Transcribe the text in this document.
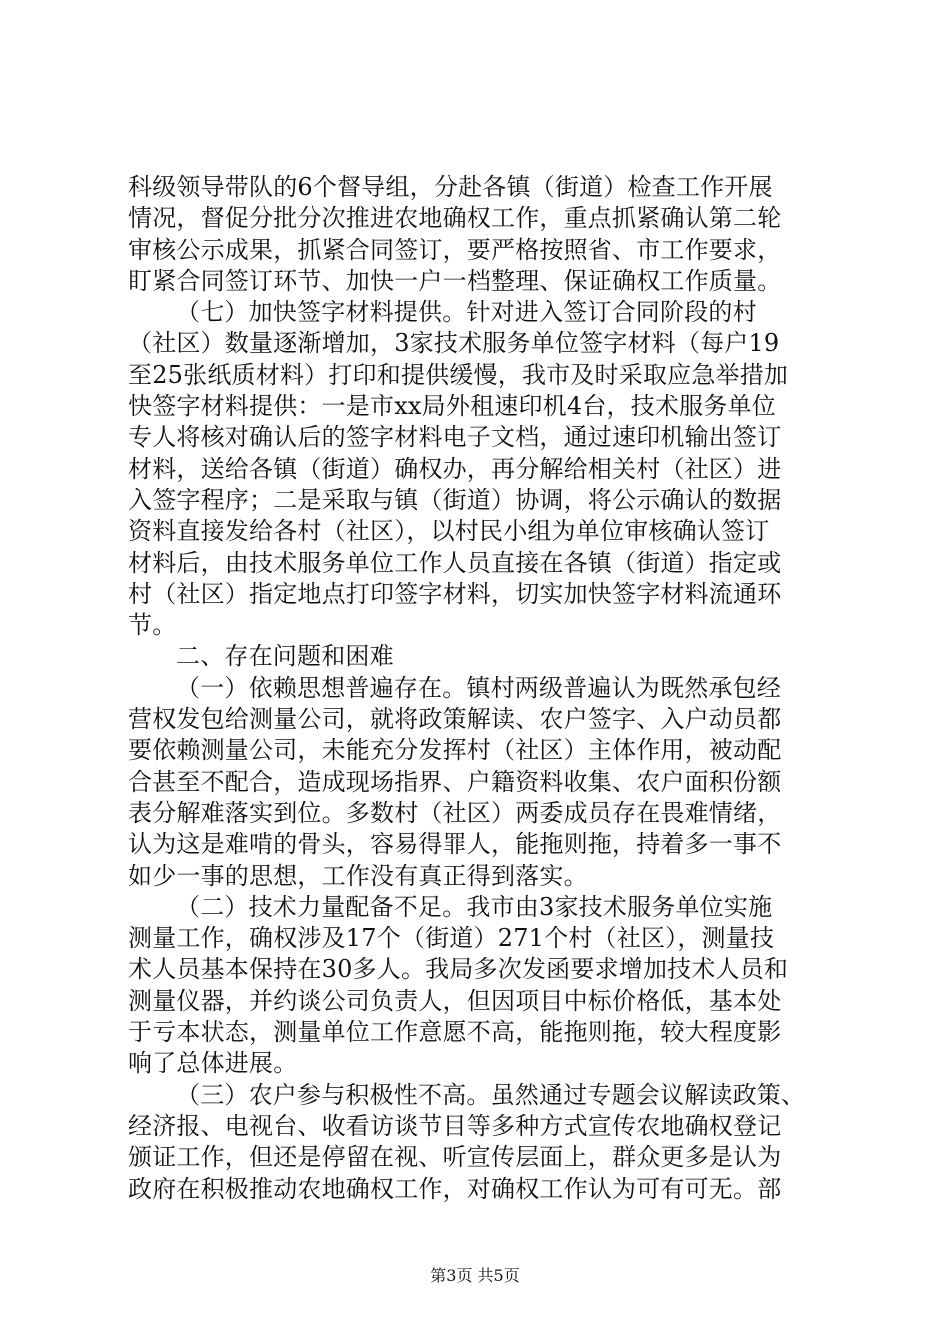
科级领导带队的6个督导组，分赴各镇（街道）检查工作开展
情况，督促分批分次推进农地确权工作，重点抓紧确认第二轮
审核公示成果，抓紧合同签订，要严格按照省、市工作要求，
盯紧合同签订环节、加快一户一档整理、保证确权工作质量。
（七）加快签字材料提供。针对进入签订合同阶段的村
（社区）数量逐渐增加，3家技术服务单位签字材料（每户19
至25张纸质材料）打印和提供缓慢，我市及时采取应急举措加
快签字材料提供：一是市xx局外租速印机4台，技术服务单位
专人将核对确认后的签字材料电子文档，通过速印机输出签订
材料，送给各镇（街道）确权办，再分解给相关村（社区）进
入签字程序；二是采取与镇（街道）协调，将公示确认的数据
资料直接发给各村（社区），以村民小组为单位审核确认签订
材料后，由技术服务单位工作人员直接在各镇（街道）指定或
村（社区）指定地点打印签字材料，切实加快签字材料流通环
节。
二、存在问题和困难
（一）依赖思想普遍存在。镇村两级普遍认为既然承包经
营权发包给测量公司，就将政策解读、农户签字、入户动员都
要依赖测量公司，未能充分发挥村（社区）主体作用，被动配
合甚至不配合，造成现场指界、户籍资料收集、农户面积份额
表分解难落实到位。多数村（社区）两委成员存在畏难情绪，
认为这是难啃的骨头，容易得罪人，能拖则拖，持着多一事不
如少一事的思想，工作没有真正得到落实。
（二）技术力量配备不足。我市由3家技术服务单位实施
测量工作，确权涉及17个（街道）271个村（社区），测量技
术人员基本保持在30多人。我局多次发函要求增加技术人员和
测量仪器，并约谈公司负责人，但因项目中标价格低，基本处
于亏本状态，测量单位工作意愿不高，能拖则拖，较大程度影
响了总体进展。
（三）农户参与积极性不高。虽然通过专题会议解读政策、
经济报、电视台、收看访谈节目等多种方式宣传农地确权登记
颁证工作，但还是停留在视、听宣传层面上，群众更多是认为
政府在积极推动农地确权工作，对确权工作认为可有可无。部
第3页 共5页
